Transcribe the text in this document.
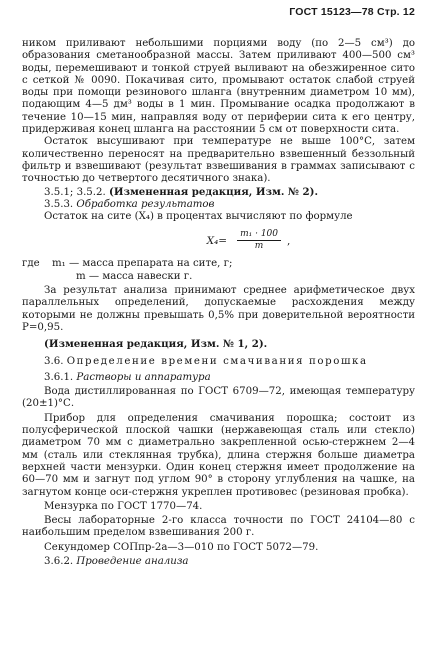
ГОСТ 15123—78 Стр. 12

ником приливают небольшими порциями воду (по 2—5 см³) до образования сметанообразной массы. Затем приливают 400—500 см³ воды, перемешивают и тонкой струей выливают на обезжиренное сито с сеткой № 0090. Покачивая сито, промывают остаток слабой струей воды при помощи резинового шланга (внутренним диаметром 10 мм), подающим 4—5 дм³ воды в 1 мин. Промывание осадка продолжают в течение 10—15 мин, направляя воду от периферии сита к его центру, придерживая конец шланга на расстоянии 5 см от поверхности сита.

Остаток высушивают при температуре не выше 100°С, затем количественно переносят на предварительно взвешенный беззольный фильтр и взвешивают (результат взвешивания в граммах записывают с точностью до четвертого десятичного знака).

3.5.1; 3.5.2. (Измененная редакция, Изм. № 2).

3.5.3. Обработка результатов

Остаток на сите (X₄) в процентах вычисляют по формуле

$X_4= \frac{\text{m₁ · 100}}{m}$ ,
где	m₁ — масса препарата на сите, г;
m — масса навески г.

За результат анализа принимают среднее арифметическое двух параллельных определений, допускаемые расхождения между которыми не должны превышать 0,5% при доверительной вероятности P=0,95.

(Измененная редакция, Изм. № 1, 2).

3.6. Определение времени смачивания порошка

3.6.1. Растворы и аппаратура

Вода дистиллированная по ГОСТ 6709—72, имеющая температуру (20±1)°С.

Прибор для определения смачивания порошка; состоит из полусферической плоской чашки (нержавеющая сталь или стекло) диаметром 70 мм с диаметрально закрепленной осью-стержнем 2—4 мм (сталь или стеклянная трубка), длина стержня больше диаметра верхней части мензурки. Один конец стержня имеет продолжение на 60—70 мм и загнут под углом 90° в сторону углубления на чашке, на загнутом конце оси-стержня укреплен противовес (резиновая пробка).

Мензурка по ГОСТ 1770—74.

Весы лабораторные 2-го класса точности по ГОСТ 24104—80 с наибольшим пределом взвешивания 200 г.

Секундомер СОПпр-2а—3—010 по ГОСТ 5072—79.

3.6.2. Проведение анализа
